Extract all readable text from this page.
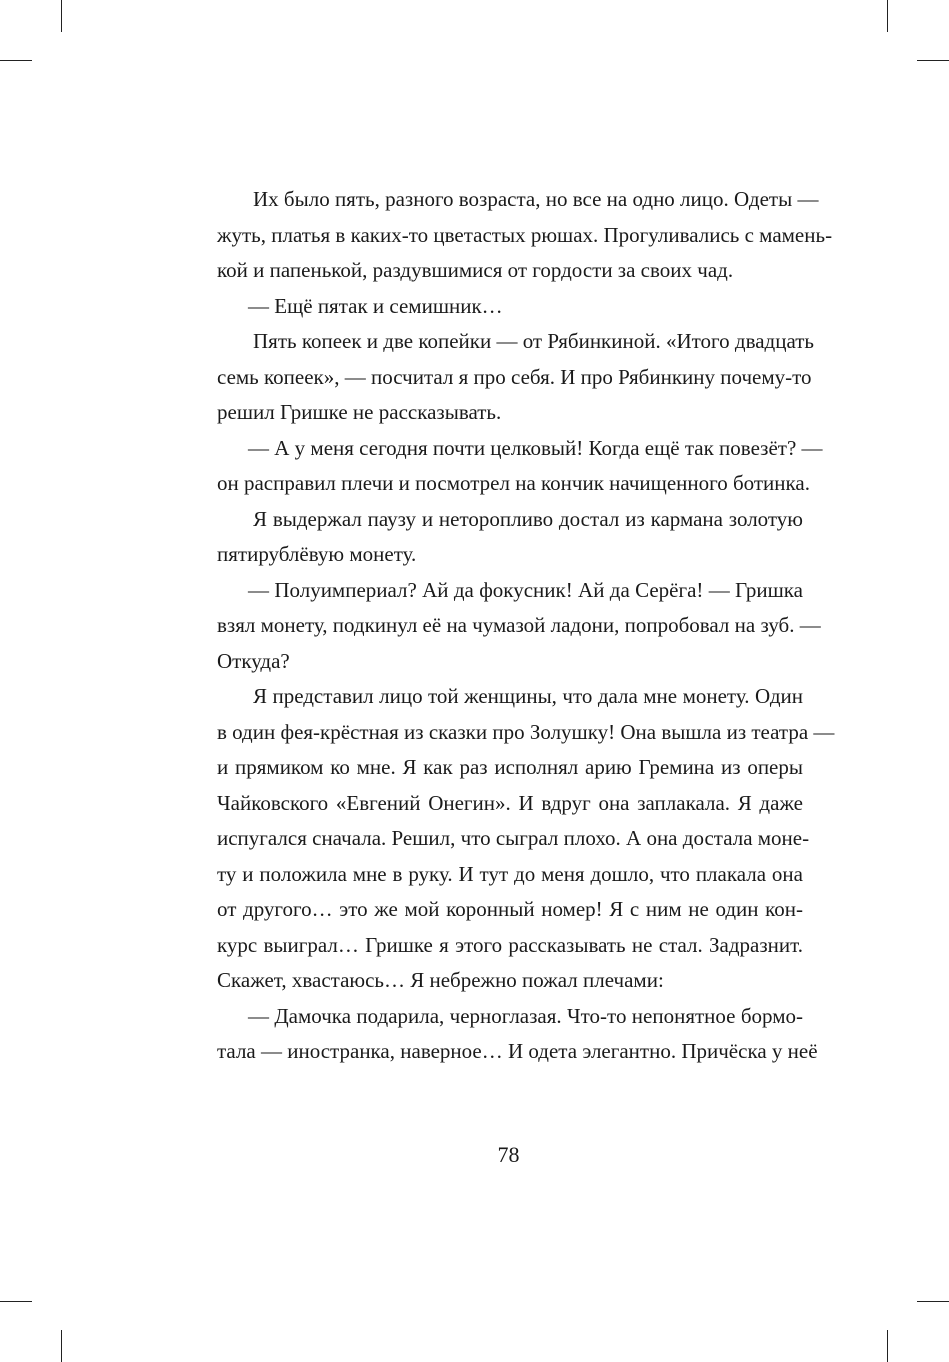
Их было пять, разного возраста, но все на одно лицо. Одеты —
жуть, платья в каких-то цветастых рюшах. Прогуливались с мамень-
кой и папенькой, раздувшимися от гордости за своих чад.
— Ещё пятак и семишник…
Пять копеек и две копейки — от Рябинкиной. «Итого двадцать
семь копеек», — посчитал я про себя. И про Рябинкину почему-то
решил Гришке не рассказывать.
— А у меня сегодня почти целковый! Когда ещё так повезёт? —
он расправил плечи и посмотрел на кончик начищенного ботинка.
Я выдержал паузу и неторопливо достал из кармана золотую
пятирублёвую монету.
— Полуимпериал? Ай да фокусник! Ай да Серёга! — Гришка
взял монету, подкинул её на чумазой ладони, попробовал на зуб. —
Откуда?
Я представил лицо той женщины, что дала мне монету. Один
в один фея-крёстная из сказки про Золушку! Она вышла из театра —
и прямиком ко мне. Я как раз исполнял арию Гремина из оперы
Чайковского «Евгений Онегин». И вдруг она заплакала. Я даже
испугался сначала. Решил, что сыграл плохо. А она достала моне-
ту и положила мне в руку. И тут до меня дошло, что плакала она
от другого… это же мой коронный номер! Я с ним не один кон-
курс выиграл… Гришке я этого рассказывать не стал. Задразнит.
Скажет, хвастаюсь… Я небрежно пожал плечами:
— Дамочка подарила, черноглазая. Что-то непонятное бормо-
тала — иностранка, наверное… И одета элегантно. Причёска у неё
78
